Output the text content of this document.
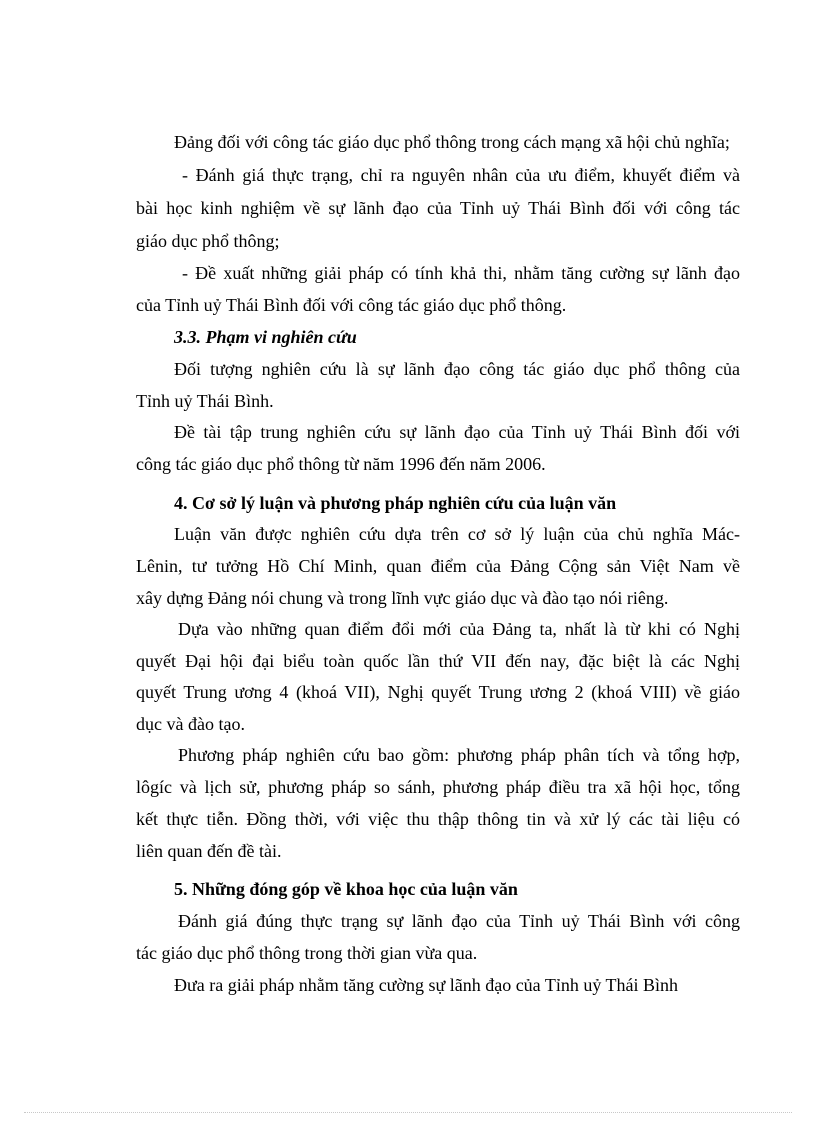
Đảng đối với công tác giáo dục phổ thông trong cách mạng xã hội chủ nghĩa;
- Đánh giá thực trạng, chỉ ra nguyên nhân của ưu điểm, khuyết điểm và
bài học kinh nghiệm về sự lãnh đạo của Tỉnh uỷ Thái Bình đối với công tác
giáo dục phổ thông;
- Đề xuất những giải pháp có tính khả thi, nhằm tăng cường sự lãnh đạo
của Tỉnh uỷ Thái Bình đối với công tác giáo dục phổ thông.
3.3. Phạm vi nghiên cứu
Đối tượng nghiên cứu là sự lãnh đạo công tác giáo dục phổ thông của
Tỉnh uỷ Thái Bình.
Đề tài tập trung nghiên cứu sự lãnh đạo của Tỉnh uỷ Thái Bình đối với
công tác giáo dục phổ thông từ năm 1996 đến năm 2006.
4. Cơ sở lý luận và phương pháp nghiên cứu của luận văn
Luận văn được nghiên cứu dựa trên cơ sở lý luận của chủ nghĩa Mác-
Lênin, tư tưởng Hồ Chí Minh, quan điểm của Đảng Cộng sản Việt Nam về
xây dựng Đảng nói chung và trong lĩnh vực giáo dục và đào tạo nói riêng.
Dựa vào những quan điểm đổi mới của Đảng ta, nhất là từ khi có Nghị
quyết Đại hội đại biểu toàn quốc lần thứ VII đến nay, đặc biệt là các Nghị
quyết Trung ương 4 (khoá VII), Nghị quyết Trung ương 2 (khoá VIII) về giáo
dục và đào tạo.
Phương pháp nghiên cứu bao gồm: phương pháp phân tích và tổng hợp,
lôgíc và lịch sử, phương pháp so sánh, phương pháp điều tra xã hội học, tổng
kết thực tiễn. Đồng thời, với việc thu thập thông tin và xử lý các tài liệu có
liên quan đến đề tài.
5. Những đóng góp về khoa học của luận văn
Đánh giá đúng thực trạng sự lãnh đạo của Tỉnh uỷ Thái Bình với công
tác giáo dục phổ thông trong thời gian vừa qua.
Đưa ra giải pháp nhằm tăng cường sự lãnh đạo của Tỉnh uỷ Thái Bình
